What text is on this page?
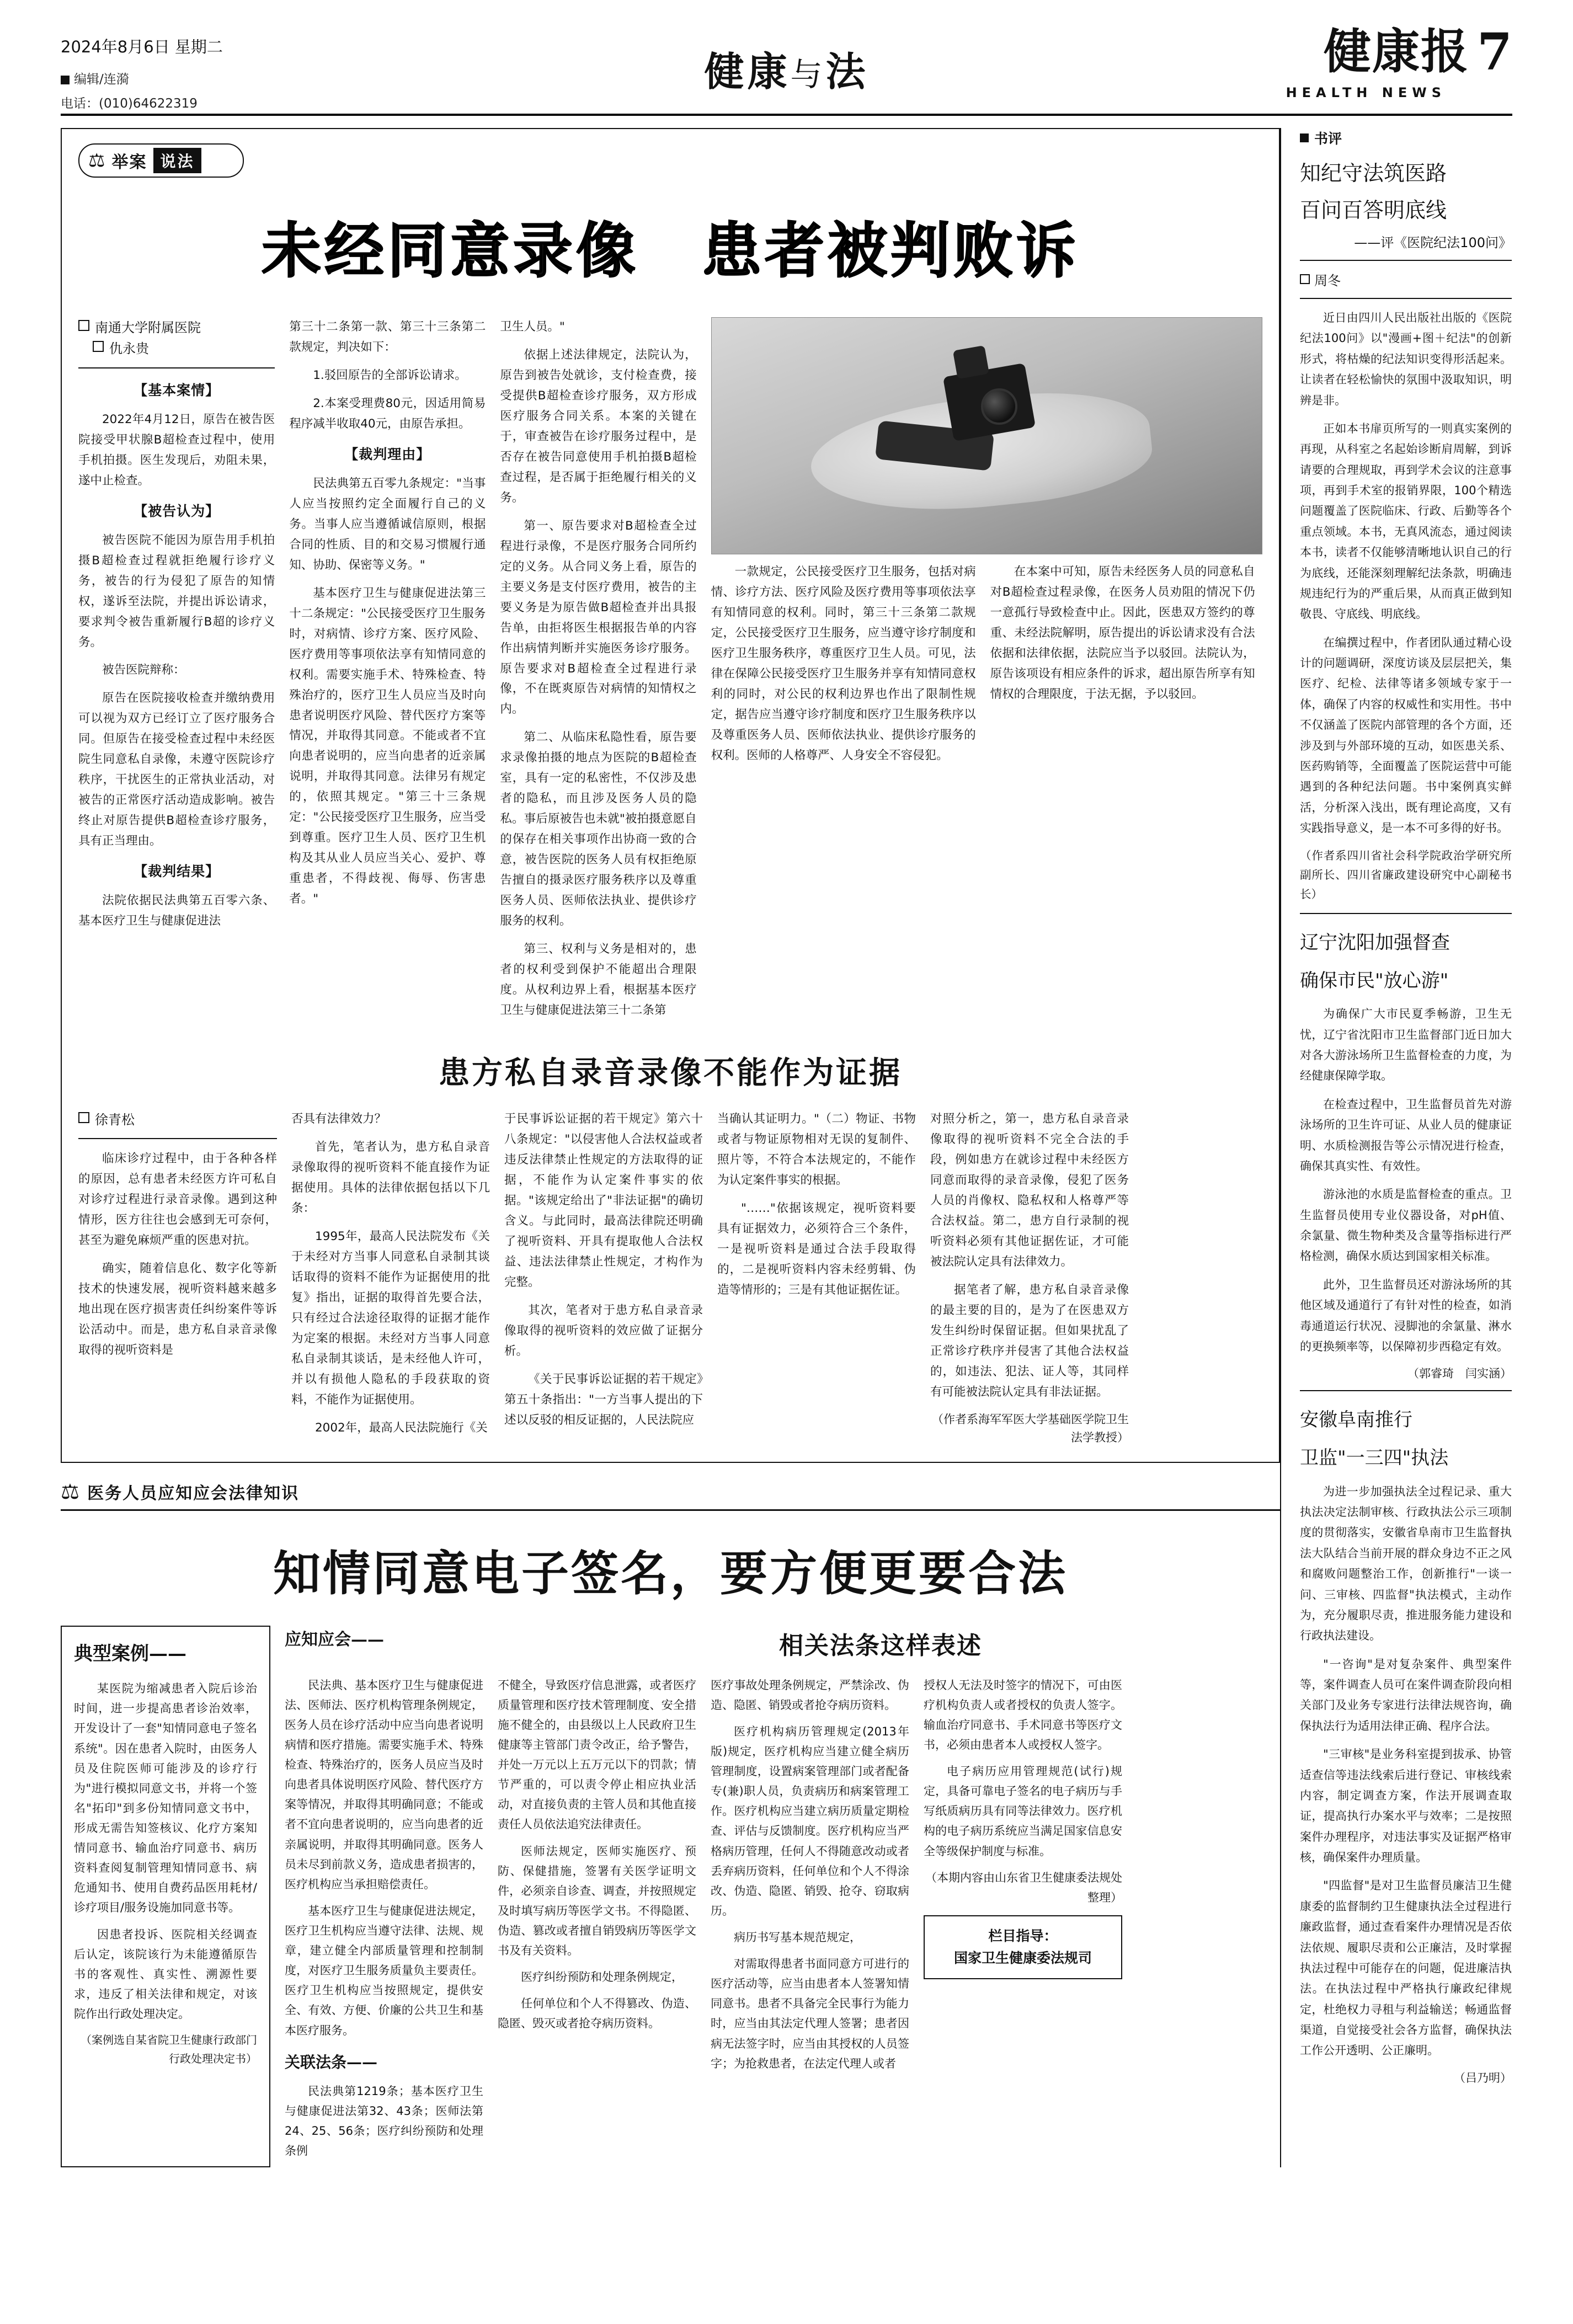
2024年8月6日 星期二
编辑/连漪
电话：(010)64622319
健康与法	健康报 7
HEALTH NEWS
⚖ 举案 说法
未经同意录像　患者被判败诉
南通大学附属医院
仇永贵
【基本案情】

2022年4月12日，原告在被告医院接受甲状腺B超检查过程中，使用手机拍摄。医生发现后，劝阻未果，遂中止检查。

【被告认为】

被告医院不能因为原告用手机拍摄B超检查过程就拒绝履行诊疗义务，被告的行为侵犯了原告的知情权，遂诉至法院，并提出诉讼请求，要求判令被告重新履行B超的诊疗义务。

被告医院辩称：

原告在医院接收检查并缴纳费用可以视为双方已经订立了医疗服务合同。但原告在接受检查过程中未经医院生同意私自录像，未遵守医院诊疗秩序，干扰医生的正常执业活动，对被告的正常医疗活动造成影响。被告终止对原告提供B超检查诊疗服务，具有正当理由。

【裁判结果】

法院依据民法典第五百零六条、基本医疗卫生与健康促进法

第三十二条第一款、第三十三条第二款规定，判决如下：

1.驳回原告的全部诉讼请求。

2.本案受理费80元，因适用简易程序减半收取40元，由原告承担。

【裁判理由】

民法典第五百零九条规定："当事人应当按照约定全面履行自己的义务。当事人应当遵循诚信原则，根据合同的性质、目的和交易习惯履行通知、协助、保密等义务。"

基本医疗卫生与健康促进法第三十二条规定："公民接受医疗卫生服务时，对病情、诊疗方案、医疗风险、医疗费用等事项依法享有知情同意的权利。需要实施手术、特殊检查、特殊治疗的，医疗卫生人员应当及时向患者说明医疗风险、替代医疗方案等情况，并取得其同意。不能或者不宜向患者说明的，应当向患者的近亲属说明，并取得其同意。法律另有规定的，依照其规定。"第三十三条规定："公民接受医疗卫生服务，应当受到尊重。医疗卫生人员、医疗卫生机构及其从业人员应当关心、爱护、尊重患者，不得歧视、侮辱、伤害患者。"

卫生人员。"

依据上述法律规定，法院认为，原告到被告处就诊，支付检查费，接受提供B超检查诊疗服务，双方形成医疗服务合同关系。本案的关键在于，审查被告在诊疗服务过程中，是否存在被告同意使用手机拍摄B超检查过程，是否属于拒绝履行相关的义务。

第一、原告要求对B超检查全过程进行录像，不是医疗服务合同所约定的义务。从合同义务上看，原告的主要义务是支付医疗费用，被告的主要义务是为原告做B超检查并出具报告单，由拒将医生根据报告单的内容作出病情判断并实施医务诊疗服务。原告要求对B超检查全过程进行录像，不在既爽原告对病情的知情权之内。

第二、从临床私隐性看，原告要求录像拍摄的地点为医院的B超检查室，具有一定的私密性，不仅涉及患者的隐私，而且涉及医务人员的隐私。事后原被告也未就"被拍摄意愿自的保存在相关事项作出协商一致的合意，被告医院的医务人员有权拒绝原告擅自的摄录医疗服务秩序以及尊重医务人员、医师依法执业、提供诊疗服务的权利。

第三、权利与义务是相对的，患者的权利受到保护不能超出合理限度。从权利边界上看，根据基本医疗卫生与健康促进法第三十二条第

一款规定，公民接受医疗卫生服务，包括对病情、诊疗方法、医疗风险及医疗费用等事项依法享有知情同意的权利。同时，第三十三条第二款规定，公民接受医疗卫生服务，应当遵守诊疗制度和医疗卫生服务秩序，尊重医疗卫生人员。可见，法律在保障公民接受医疗卫生服务并享有知情同意权利的同时，对公民的权利边界也作出了限制性规定，据告应当遵守诊疗制度和医疗卫生服务秩序以及尊重医务人员、医师依法执业、提供诊疗服务的权利。医师的人格尊严、人身安全不容侵犯。

在本案中可知，原告未经医务人员的同意私自对B超检查过程录像，在医务人员劝阻的情况下仍一意孤行导致检查中止。因此，医患双方签约的尊重、未经法院解明，原告提出的诉讼请求没有合法依据和法律依据，法院应当予以驳回。法院认为，原告该项设有相应条件的诉求，超出原告所享有知情权的合理限度，于法无据，予以驳回。

患方私自录音录像不能作为证据
徐青松

临床诊疗过程中，由于各种各样的原因，总有患者未经医方许可私自对诊疗过程进行录音录像。遇到这种情形，医方往往也会感到无可奈何，甚至为避免麻烦严重的医患对抗。

确实，随着信息化、数字化等新技术的快速发展，视听资料越来越多地出现在医疗损害责任纠纷案件等诉讼活动中。而是，患方私自录音录像取得的视听资料是

否具有法律效力？

首先，笔者认为，患方私自录音录像取得的视听资料不能直接作为证据使用。具体的法律依据包括以下几条：

1995年，最高人民法院发布《关于未经对方当事人同意私自录制其谈话取得的资料不能作为证据使用的批复》指出，证据的取得首先要合法，只有经过合法途径取得的证据才能作为定案的根据。未经对方当事人同意私自录制其谈话，是未经他人许可，并以有损他人隐私的手段获取的资料，不能作为证据使用。

2002年，最高人民法院施行《关

于民事诉讼证据的若干规定》第六十八条规定："以侵害他人合法权益或者违反法律禁止性规定的方法取得的证据，不能作为认定案件事实的依据。"该规定给出了"非法证据"的确切含义。与此同时，最高法律院还明确了视听资料、开具有提取他人合法权益、违法法律禁止性规定，才构作为完整。

其次，笔者对于患方私自录音录像取得的视听资料的效应做了证据分析。

《关于民事诉讼证据的若干规定》第五十条指出："一方当事人提出的下述以反驳的相反证据的，人民法院应

当确认其证明力。"（二）物证、书物或者与物证原物相对无误的复制件、照片等，不符合本法规定的，不能作为认定案件事实的根据。

"……"依据该规定，视听资料要具有证据效力，必须符合三个条件，一是视听资料是通过合法手段取得的，二是视听资料内容未经剪辑、伪造等情形的；三是有其他证据佐证。

对照分析之，第一，患方私自录音录像取得的视听资料不完全合法的手段，例如患方在就诊过程中未经医方同意而取得的录音录像，侵犯了医务人员的肖像权、隐私权和人格尊严等合法权益。第二，患方自行录制的视听资料必须有其他证据佐证，才可能被法院认定具有法律效力。

据笔者了解，患方私自录音录像的最主要的目的，是为了在医患双方发生纠纷时保留证据。但如果扰乱了正常诊疗秩序并侵害了其他合法权益的，如违法、犯法、证人等，其同样有可能被法院认定具有非法证据。

（作者系海军军医大学基础医学院卫生法学教授）
⚖ 医务人员应知应会法律知识
知情同意电子签名，要方便更要合法
典型案例——

某医院为缩减患者入院后诊治时间，进一步提高患者诊治效率，开发设计了一套"知情同意电子签名系统"。因在患者入院时，由医务人员及住院医师可能涉及的诊疗行为"进行模拟同意文书，并将一个签名"拓印"到多份知情同意文书中，形成无需告知签核议、化疗方案知情同意书、输血治疗同意书、病历资料查阅复制管理知情同意书、病危通知书、使用自费药品医用耗材/诊疗项目/服务设施加同意书等。

因患者投诉、医院相关经调查后认定，该院该行为未能遵循原告书的客观性、真实性、溯源性要求，违反了相关法律和规定，对该院作出行政处理决定。

（案例选自某省院卫生健康行政部门行政处理决定书）

应知应会——	相关法条这样表述

民法典、基本医疗卫生与健康促进法、医师法、医疗机构管理条例规定，医务人员在诊疗活动中应当向患者说明病情和医疗措施。需要实施手术、特殊检查、特殊治疗的，医务人员应当及时向患者具体说明医疗风险、替代医疗方案等情况，并取得其明确同意；不能或者不宜向患者说明的，应当向患者的近亲属说明，并取得其明确同意。医务人员未尽到前款义务，造成患者损害的，医疗机构应当承担赔偿责任。

基本医疗卫生与健康促进法规定，医疗卫生机构应当遵守法律、法规、规章，建立健全内部质量管理和控制制度，对医疗卫生服务质量负主要责任。医疗卫生机构应当按照规定，提供安全、有效、方便、价廉的公共卫生和基本医疗服务。

关联法条——

民法典第1219条；基本医疗卫生与健康促进法第32、43条；医师法第24、25、56条；医疗纠纷预防和处理条例

不健全，导致医疗信息泄露，或者医疗质量管理和医疗技术管理制度、安全措施不健全的，由县级以上人民政府卫生健康等主管部门责令改正，给予警告，并处一万元以上五万元以下的罚款；情节严重的，可以责令停止相应执业活动，对直接负责的主管人员和其他直接责任人员依法追究法律责任。

医师法规定，医师实施医疗、预防、保健措施，签署有关医学证明文件，必须亲自诊查、调查，并按照规定及时填写病历等医学文书。不得隐匿、伪造、篡改或者擅自销毁病历等医学文书及有关资料。

医疗纠纷预防和处理条例规定，

任何单位和个人不得篡改、伪造、隐匿、毁灭或者抢夺病历资料。

医疗事故处理条例规定，严禁涂改、伪造、隐匿、销毁或者抢夺病历资料。

医疗机构病历管理规定(2013年版)规定，医疗机构应当建立健全病历管理制度，设置病案管理部门或者配备专(兼)职人员，负责病历和病案管理工作。医疗机构应当建立病历质量定期检查、评估与反馈制度。医疗机构应当严格病历管理，任何人不得随意改动或者丢弃病历资料，任何单位和个人不得涂改、伪造、隐匿、销毁、抢夺、窃取病历。

病历书写基本规范规定，

对需取得患者书面同意方可进行的医疗活动等，应当由患者本人签署知情同意书。患者不具备完全民事行为能力时，应当由其法定代理人签署；患者因病无法签字时，应当由其授权的人员签字；为抢救患者，在法定代理人或者

授权人无法及时签字的情况下，可由医疗机构负责人或者授权的负责人签字。输血治疗同意书、手术同意书等医疗文书，必须由患者本人或授权人签字。

电子病历应用管理规范(试行)规定，具备可靠电子签名的电子病历与手写纸质病历具有同等法律效力。医疗机构的电子病历系统应当满足国家信息安全等级保护制度与标准。

（本期内容由山东省卫生健康委法规处整理）

栏目指导：
国家卫生健康委法规司
书评
知纪守法筑医路
百问百答明底线
——评《医院纪法100问》
周冬

近日由四川人民出版社出版的《医院纪法100问》以"漫画+图＋纪法"的创新形式，将枯燥的纪法知识变得形活起来。让读者在轻松愉快的氛围中汲取知识，明辨是非。

正如本书扉页所写的一则真实案例的再现，从科室之名起始诊断肩周解，到诉请要的合理规取，再到学术会议的注意事项，再到手术室的报销界限，100个精选问题覆盖了医院临床、行政、后勤等各个重点领域。本书，无真风流态，通过阅读本书，读者不仅能够清晰地认识自己的行为底线，还能深刻理解纪法条款，明确违规违纪行为的严重后果，从而真正做到知敬畏、守底线、明底线。

在编撰过程中，作者团队通过精心设计的问题调研，深度访谈及层层把关，集医疗、纪检、法律等诸多领域专家于一体，确保了内容的权威性和实用性。书中不仅涵盖了医院内部管理的各个方面，还涉及到与外部环境的互动，如医患关系、医药购销等，全面覆盖了医院运营中可能遇到的各种纪法问题。书中案例真实鲜活，分析深入浅出，既有理论高度，又有实践指导意义，是一本不可多得的好书。

（作者系四川省社会科学院政治学研究所副所长、四川省廉政建设研究中心副秘书长）
辽宁沈阳加强督查
确保市民"放心游"

为确保广大市民夏季畅游，卫生无忧，辽宁省沈阳市卫生监督部门近日加大对各大游泳场所卫生监督检查的力度，为经健康保障学取。

在检查过程中，卫生监督员首先对游泳场所的卫生许可证、从业人员的健康证明、水质检测报告等公示情况进行检查，确保其真实性、有效性。

游泳池的水质是监督检查的重点。卫生监督员使用专业仪器设备，对pH值、余氯量、微生物种类及含量等指标进行严格检测，确保水质达到国家相关标准。

此外，卫生监督员还对游泳场所的其他区域及通道行了有针对性的检查，如消毒通道运行状况、浸脚池的余氯量、淋水的更换频率等，以保障初步西稳定有效。

（郭睿琦　闫实涵）
安徽阜南推行
卫监"一三四"执法

为进一步加强执法全过程记录、重大执法决定法制审核、行政执法公示三项制度的贯彻落实，安徽省阜南市卫生监督执法大队结合当前开展的群众身边不正之风和腐败问题整治工作，创新推行"一谈一问、三审核、四监督"执法模式，主动作为，充分履职尽责，推进服务能力建设和行政执法建设。

"一咨询"是对复杂案件、典型案件等，案件调查人员可在案件调查阶段向相关部门及业务专家进行法律法规咨询，确保执法行为适用法律正确、程序合法。

"三审核"是业务科室提到拔承、协管适查信等违法线索后进行登记、审核线索内容，制定调查方案，作法开展调查取证，提高执行办案水平与效率；二是按照案件办理程序，对违法事实及证据严格审核，确保案件办理质量。

"四监督"是对卫生监督员廉洁卫生健康委的监督制约卫生健康执法全过程进行廉政监督，通过查看案件办理情况是否依法依规、履职尽责和公正廉洁，及时掌握执法过程中可能存在的问题，促进廉洁执法。在执法过程中严格执行廉政纪律规定，杜绝权力寻租与利益输送；畅通监督渠道，自觉接受社会各方监督，确保执法工作公开透明、公正廉明。

（吕乃明）
